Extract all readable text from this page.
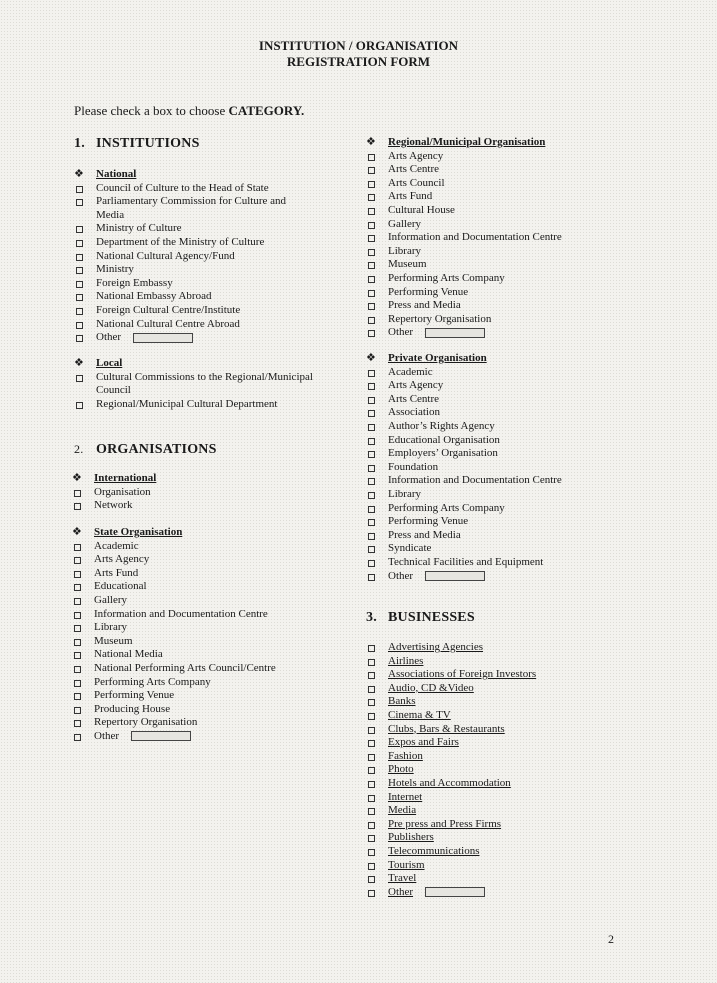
INSTITUTION / ORGANISATION
REGISTRATION FORM
Please check a box to choose CATEGORY.
1. INSTITUTIONS
❖ National
Council of Culture to the Head of State
Parliamentary Commission for Culture and Media
Ministry of Culture
Department of the Ministry of Culture
National Cultural Agency/Fund
Ministry
Foreign Embassy
National Embassy Abroad
Foreign Cultural Centre/Institute
National Cultural Centre Abroad
Other
❖ Local
Cultural Commissions to the Regional/Municipal Council
Regional/Municipal Cultural Department
2. ORGANISATIONS
❖ International
Organisation
Network
❖ State Organisation
Academic
Arts Agency
Arts Fund
Educational
Gallery
Information and Documentation Centre
Library
Museum
National Media
National Performing Arts Council/Centre
Performing Arts Company
Performing Venue
Producing House
Repertory Organisation
Other
❖ Regional/Municipal Organisation
Arts Agency
Arts Centre
Arts Council
Arts Fund
Cultural House
Gallery
Information and Documentation Centre
Library
Museum
Performing Arts Company
Performing Venue
Press and Media
Repertory Organisation
Other
❖ Private Organisation
Academic
Arts Agency
Arts Centre
Association
Author’s Rights Agency
Educational Organisation
Employers’ Organisation
Foundation
Information and Documentation Centre
Library
Performing Arts Company
Performing Venue
Press and Media
Syndicate
Technical Facilities and Equipment
Other
3. BUSINESSES
Advertising Agencies
Airlines
Associations of Foreign Investors
Audio, CD &Video
Banks
Cinema & TV
Clubs, Bars & Restaurants
Expos and Fairs
Fashion
Photo
Hotels and Accommodation
Internet
Media
Pre press and Press Firms
Publishers
Telecommunications
Tourism
Travel
Other
2
